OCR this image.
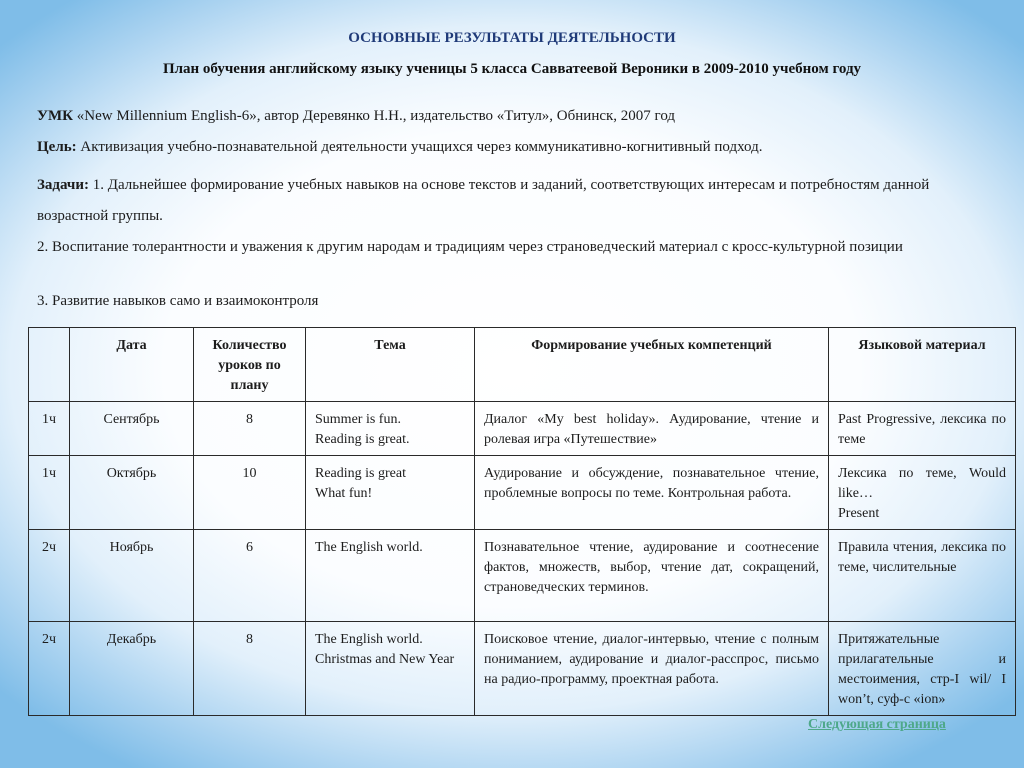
ОСНОВНЫЕ РЕЗУЛЬТАТЫ ДЕЯТЕЛЬНОСТИ
План обучения английскому языку ученицы 5 класса Савватеевой Вероники в 2009-2010 учебном году

УМК «New Millennium English-6», автор Деревянко Н.Н., издательство «Титул», Обнинск, 2007 год

Цель: Активизация учебно-познавательной деятельности учащихся через коммуникативно-когнитивный подход.

Задачи: 1. Дальнейшее формирование учебных навыков на основе текстов и заданий, соответствующих интересам и потребностям данной возрастной группы.

2. Воспитание толерантности и уважения к другим народам и традициям через страноведческий материал с кросс-культурной позиции

3. Развитие навыков само и взаимоконтроля

	Дата	Количество уроков по плану	Тема	Формирование учебных компетенций	Языковой материал
1ч	Сентябрь	8	Summer is fun.
Reading is great.	Диалог «My best holiday». Аудирование, чтение и ролевая игра «Путешествие»	Past Progressive, лексика по теме

1ч	Октябрь	10	Reading is great
What fun!	Аудирование и обсуждение, познавательное чтение, проблемные вопросы по теме. Контрольная работа.	Лексика по теме, Would like…
Present

2ч	Ноябрь	6	The English world.	Познавательное чтение, аудирование и соотнесение фактов, множеств, выбор, чтение дат, сокращений, страноведческих терминов.	Правила чтения, лексика по теме, числительные

2ч	Декабрь	8	The English world.
Christmas and New Year	Поисковое чтение, диалог-интервью, чтение с полным пониманием, аудирование и диалог-расспрос, письмо на радио-программу, проектная работа.	Притяжательные прилагательные и местоимения, стр-I wil/ I won’t, суф-с «ion»
Следующая страница
